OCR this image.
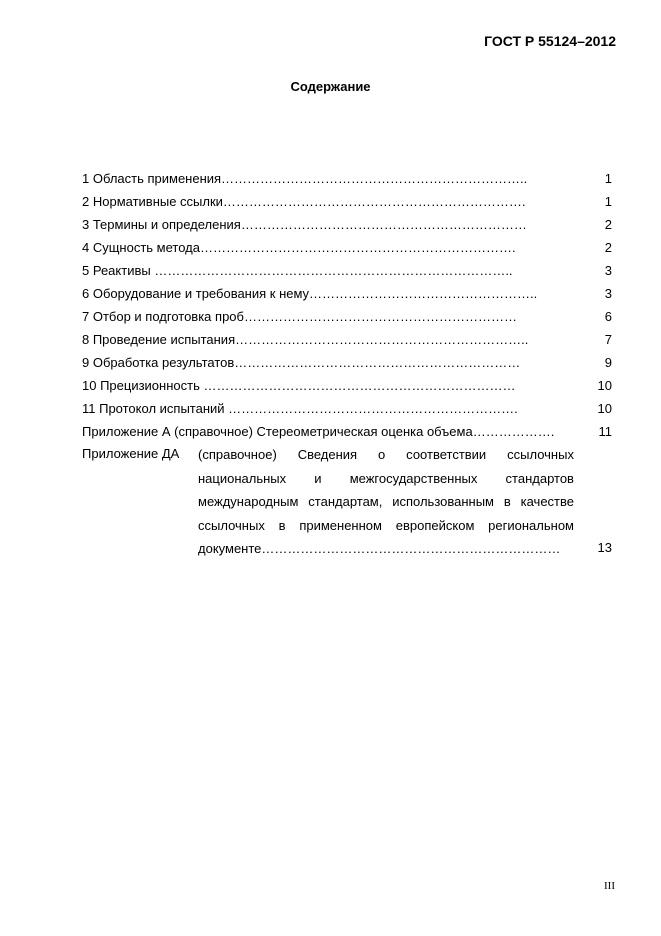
ГОСТ Р 55124–2012
Содержание
1 Область применения……………………………………………………………..	1
2 Нормативные ссылки…………………………………………………………….	1
3 Термины и определения…………………………………………………………	2
4 Сущность метода……………………………………………………………….	2
5 Реактивы ………………………………………………………………………..	3
6 Оборудование и требования к нему……………………………………………..	3
7 Отбор и подготовка проб………………………………………………………	6
8 Проведение испытания…………………………………………………………..	7
9 Обработка результатов…………………………………………………………	9
10 Прецизионность ………………………………………………………………	10
11 Протокол испытаний ………………………………………………………….	10
Приложение А (справочное) Стереометрическая оценка объема……………….	11
Приложение ДА (справочное) Сведения о соответствии ссылочных
национальных и межгосударственных стандартов
международным стандартам, использованным в качестве
ссылочных в примененном европейском региональном
документе……………………………………………………………	13
III
